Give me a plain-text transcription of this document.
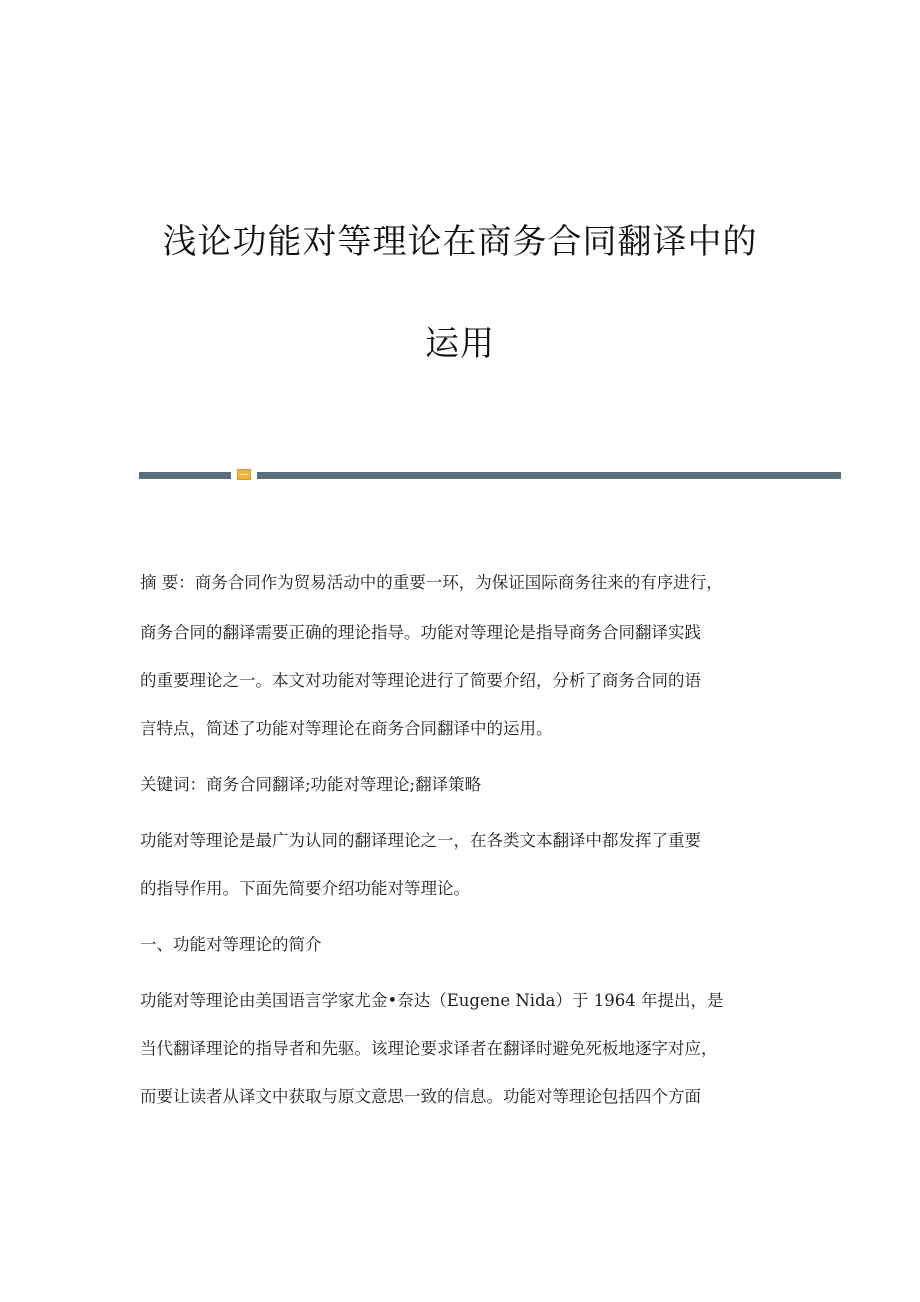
浅论功能对等理论在商务合同翻译中的
运用
摘 要：商务合同作为贸易活动中的重要一环，为保证国际商务往来的有序进行，
商务合同的翻译需要正确的理论指导。功能对等理论是指导商务合同翻译实践
的重要理论之一。本文对功能对等理论进行了简要介绍，分析了商务合同的语
言特点，简述了功能对等理论在商务合同翻译中的运用。
关键词：商务合同翻译;功能对等理论;翻译策略
功能对等理论是最广为认同的翻译理论之一，在各类文本翻译中都发挥了重要
的指导作用。下面先简要介绍功能对等理论。
一、功能对等理论的简介
功能对等理论由美国语言学家尤金•奈达（Eugene Nida）于 1964 年提出，是
当代翻译理论的指导者和先驱。该理论要求译者在翻译时避免死板地逐字对应，
而要让读者从译文中获取与原文意思一致的信息。功能对等理论包括四个方面
